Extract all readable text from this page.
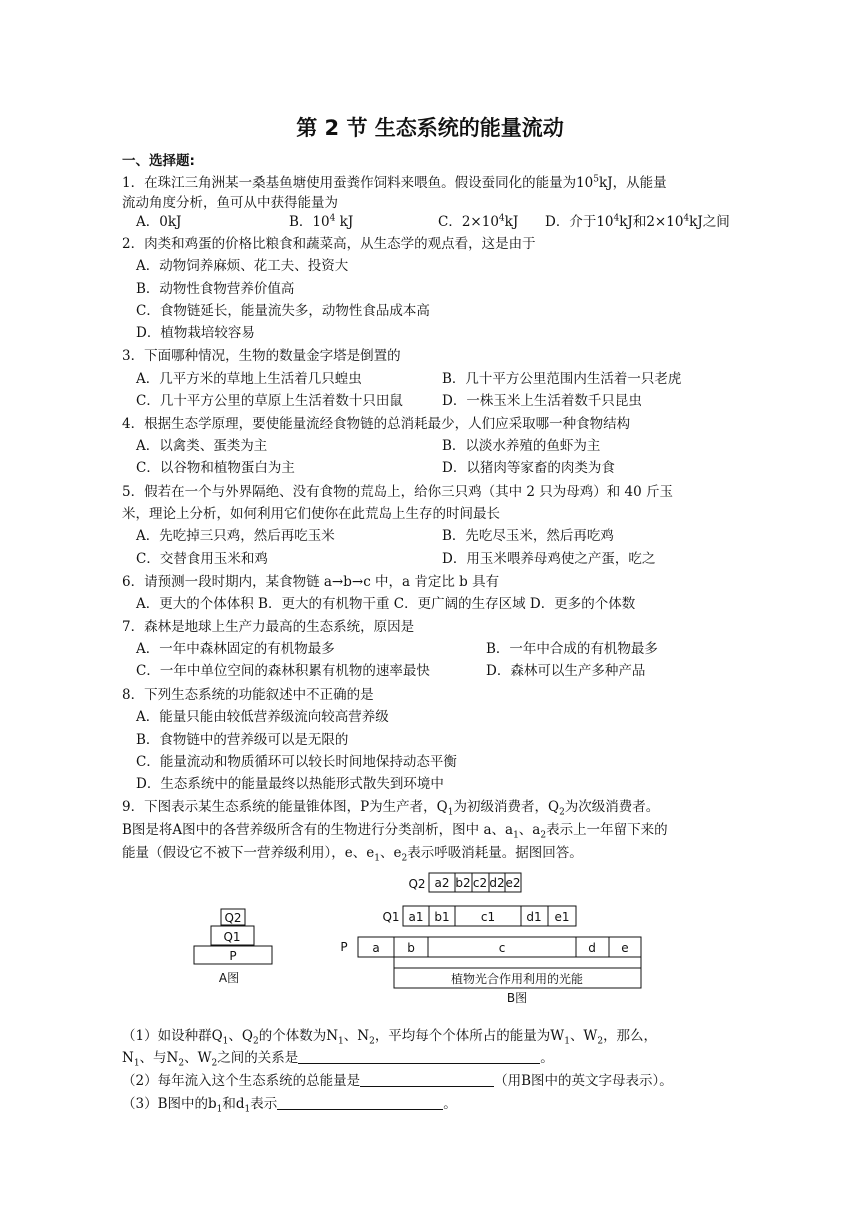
第 2 节 生态系统的能量流动
一、选择题:
1．在珠江三角洲某一桑基鱼塘使用蚕粪作饲料来喂鱼。假设蚕同化的能量为$10^5kJ$，从能量
流动角度分析，鱼可从中获得能量为
A．0kJ	B．$10^4$ kJ	C．$2\times 10^4kJ$ D．介于$10^4kJ$和$2\times 10^4kJ$之间
2．肉类和鸡蛋的价格比粮食和蔬菜高，从生态学的观点看，这是由于
A．动物饲养麻烦、花工夫、投资大
B．动物性食物营养价值高
C．食物链延长，能量流失多，动物性食品成本高
D．植物栽培较容易
3．下面哪种情况，生物的数量金字塔是倒置的
A．几平方米的草地上生活着几只蝗虫	B．几十平方公里范围内生活着一只老虎
C．几十平方公里的草原上生活着数十只田鼠	D．一株玉米上生活着数千只昆虫
4．根据生态学原理，要使能量流经食物链的总消耗最少，人们应采取哪一种食物结构
A．以禽类、蛋类为主	B．以淡水养殖的鱼虾为主
C．以谷物和植物蛋白为主	D．以猪肉等家畜的肉类为食
5．假若在一个与外界隔绝、没有食物的荒岛上，给你三只鸡（其中 2 只为母鸡）和 40 斤玉
米，理论上分析，如何利用它们使你在此荒岛上生存的时间最长
A．先吃掉三只鸡，然后再吃玉米	B．先吃尽玉米，然后再吃鸡
C．交替食用玉米和鸡	D．用玉米喂养母鸡使之产蛋，吃之
6．请预测一段时期内，某食物链 a→b→c 中，a 肯定比 b 具有
A．更大的个体体积 B．更大的有机物干重 C．更广阔的生存区域 D．更多的个体数
7．森林是地球上生产力最高的生态系统，原因是
A．一年中森林固定的有机物最多	B．一年中合成的有机物最多
C．一年中单位空间的森林积累有机物的速率最快	D．森林可以生产多种产品
8．下列生态系统的功能叙述中不正确的是
A．能量只能由较低营养级流向较高营养级
B．食物链中的营养级可以是无限的
C．能量流动和物质循环可以较长时间地保持动态平衡
D．生态系统中的能量最终以热能形式散失到环境中
9．下图表示某生态系统的能量锥体图，P为生产者，$Q_1$为初级消费者，$Q_2$为次级消费者。
B图是将A图中的各营养级所含有的生物进行分类剖析，图中 a、$a_1$、$a_2$表示上一年留下来的
能量（假设它不被下一营养级利用），e、$e_1$、$e_2$表示呼吸消耗量。据图回答。
Q2
Q1
P
A图
Q2 a2 b2 c2 d2 e2
Q1 a1 b1	c1	d1 e1
P a b	c	d e
植物光合作用利用的光能
B图
（1）如设种群$Q_1$、$Q_2$的个体数为$N_1$、$N_2$，平均每个个体所占的能量为$W_1$、$W_2$，那么，
$N_1$、与$N_2$、$W_2$之间的关系是	。
（2）每年流入这个生态系统的总能量是	（用B图中的英文字母表示）。
（3）B图中的$b_1$和$d_1$表示	。
